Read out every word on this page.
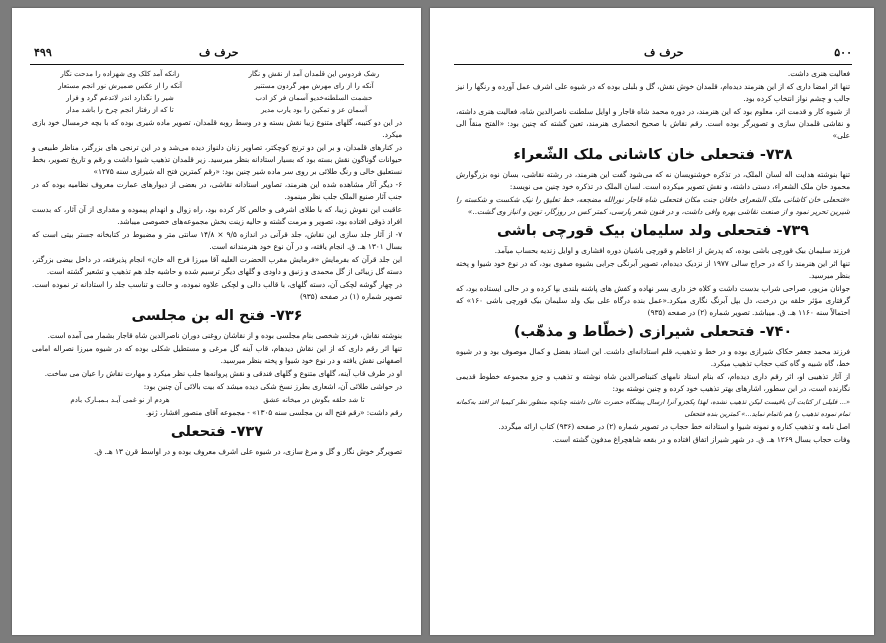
۴۹۹	حرف ف
رشک فردوس این قلمدان آمد از نقش و نگار
زانکه آمد کلک وی شهزاده را مدحت نگار
آنکه را از رای مهرش مهر گردون مستنیر
آنکه را از عکس ضمیرش نور انجم مستعار
حشمت السلطنه‌خدیو آسمان فر کز ادب
شیر را نگذارد اندر لاتدعم گرد و فرار
آسمان عز و تمکین را بود یارب مدیر
تا که از رفتار انجم چرخ را باشد مدار

در این دو کتیبه، گلهای متنوع زیبا نقش بسته و در وسط روبه قلمدان، تصویر ماده شیری بوده که با بچه خرمسال خود بازی میکرد.

در کنارهای قلمدان، و بر این دو ترنج کوچکتر، تصاویر زنان دلنواز دیده می‌شد و در این ترنجی های بزرگتر، مناظر طبیعی و حیوانات گوناگون نقش بسته بود که بسیار استادانه بنظر میرسید. زیر قلمدان تذهیب شیوا داشت و رقم و تاریخ تصویر، بخط نستعلیق خالی و رنگ طلائی بر روی سر ماده شیر چنین بود: «رقم کمترین فتح اله شیرازی سنه ۱۲۷۵»

۶- دیگر آثار مشاهده شده این هنرمند، تصاویر استادانه نقاشی، در بعضی از دیوارهای عمارت معروف نظامیه بوده که در جنب آثار صنیع الملک جلب نظر مینمود.

عاقبت این نقوش زیبا، که با طلای اشرفی و خالص کار کرده بود، راه زوال و انهدام پیموده و مقداری از آن آثار، که بدست افراد ذوقی افتاده بود، تصویر و مرمت گشته و حالیه زینت بخش مجموعه‌های خصوصی میباشد.

۷- از آثار جلد سازی این نقاش، جلد قرآنی در اندازه ۹/۵ × ۱۴/۸ سانتی متر و مضبوط در کتابخانه جستر بیتی است که بسال ۱۳۰۱ هـ. ق. انجام یافته، و در آن نوع خود هنرمندانه است.

این جلد قرآن که بفرمایش «فرمایش مقرب الحضرت العلیه آقا میرزا فرج اله خان» انجام پذیرفته، در داخل بیضی بزرگتر، دسته گل زیبائی از گل محمدی و زنبق و داودی و گلهای دیگر ترسیم شده و حاشیه جلد هم تذهیب و تشعیر گشته است.

در چهار گوشه لچکی آن، دسته گلهای، با قالب دالی و لچکی علاوه نموده، و حالت و تناسب جلد را استادانه تر نموده است. تصویر شماره (۱) در صفحه (۹۳۵)

۷۳۶- فتح اله بن مجلسی

بنوشته نقاش، فرزند شخصی بنام مجلسی بوده و از نقاشان روغنی دوران ناصرالدین شاه قاجار بشمار می آمده است.

تنها اثر رقم داری که از این نقاش دیدهام، قاب آینه گل مرغی و مستطیل شکلی بوده که در شیوه میرزا نصراله امامی اصفهانی نقش یافته و در نوع خود شیوا و پخته بنظر میرسید.

او در طرف قاب آینه، گلهای متنوع و گلهای فندقی و نقش پروانه‌ها جلب نظر میکرد و مهارت نقاش را عیان می ساخت.

در حواشی طلائی آن، اشعاری بطرز نسخ شکی دیده میشد که بیت بالائی آن چنین بود:

تا شد حلقه بگوش در میخانه عشق
هردم از نو غمی آیـد بـمبـارک بادم

رقم داشت: «رقم فتح اله بن مجلسی سنه ۱۳۰۵» - مجموعه آقای منصور افشار، ژنو.

۷۳۷- فتحعلی

تصویرگر خوش نگار و گل و مرغ سازی، در شیوه علی اشرف معروف بوده و در اواسط قرن ۱۳ هـ. ق.

۵۰۰
حرف ف

فعالیت هنری داشت.

تنها اثر امضا داری که از این هنرمند دیده‌ام، قلمدان خوش نقش، گل و بلبلی بوده که در شیوه علی اشرف عمل آورده و رنگها را نیز جالب و چشم نواز انتخاب کرده بود.

از شیوه کار و قدمت اثر، معلوم بود که این هنرمند، در دوره محمد شاه قاجار و اوایل سلطنت ناصرالدین شاه، فعالیت هنری داشته، و نقاشی قلمدان سازی و تصویرگر بوده است. رقم نقاش با صحیح انحصاری هنرمند، تعین گشته که چنین بود: «الفتح منقاً الی علی»

۷۳۸- فتحعلی خان کاشانی ملک الشّعراء

تنها بنوشته هدایت اله لسان الملک، در تذکره خوشنویسان نه که می‌شود گفت این هنرمند، در رشته نقاشی، بسان نوه بزرگوارش محمود خان ملک الشعراء، دستی داشته، و نقش تصویر میکرده است. لسان الملک در تذکره خود چنین می نویسد:

«فتحعلی خان کاشانی ملک الشعرای خاقان جنت مکان فتحعلی شاه قاجار نورالله مضجعه، خط تعلیق را نیک شکست و شکسته را شیرین تحریر نمود و از صنعت نقاشی بهره وافی داشت، و در فنون شعر پارسی، کمتر کس در روزگار، توین و انباز وی گشت..»

۷۳۹- فتحعلی ولد سلیمان بیک قورچی باشی

فرزند سلیمان بیک قورچی باشی بوده، که پدرش از اعاظم و قورچی باشیان دوره افشاری و اوایل زندیه بحساب میآمد.

تنها اثر این هنرمند را که در حراج سالی ۱۹۷۷ از نزدیک دیده‌ام، تصویر آبرنگی جرابی بشیوه صفوی بود، که در نوع خود شیوا و پخته بنظر میرسید.

جوانان مزیور، صراحی شراب بدست داشت و کلاه خز داری بسر نهاده و کفش های پاشنه بلندی بپا کرده و در حالی ایستاده بود، که گرفتاری مؤثر حلقه بن درخت، دل بپل آبرنگ نگاری میکرد.«عمل بنده درگاه علی بیک ولد سلیمان بیک قورچی باشی ۱۶۰» که احتمالاً سنه ۱۱۶۰ هـ. ق. میباشد. تصویر شماره (۲) در صفحه (۹۳۵)

۷۴۰- فتحعلی شیرازی (خطّاط و مذهّب)

فرزند محمد جعفر حکاک شیرازی بوده و در خط و تذهیب، قلم استادانه‌ای داشت. این استاد بفضل و کمال موصوف بود و در شیوه خط، گاه شبیه و گاه کتب حجاب تذهیب میکرد.

از آثار تذهیبی او، اثر رقم داری دیده‌ام، که بنام استاد نامهای کتبناصرالدین شاه نوشته و تذهیب و جزو مجموعه خطوط قدیمی نگارنده است، در این سطور، اشارهای بهتر تذهیب خود کرده و چنین نوشته بود:

«... قلیلی از کتابت آن باقیست لیکن تذهیب نشده، لهذا پکجزو آنرا ارسال پیشگاه حضرت عالی داشته چنانچه منظور نظر کیمیا اثر افتد به‌کمانه تمام نموده تذهیب را هم ناتمام نماید...» کمترین بنده فتحعلی

اصل نامه و تذهیب کناره و نمونه شیوا و استادانه خط حجاب در تصویر شماره (۲) در صفحه (۹۳۶) کتاب ارائه میگردد.

وفات حجاب بسال ۱۲۶۹ هـ. ق. در شهر شیراز اتفاق افتاده و در بقعه شاهچراغ مدفون گشته است.
